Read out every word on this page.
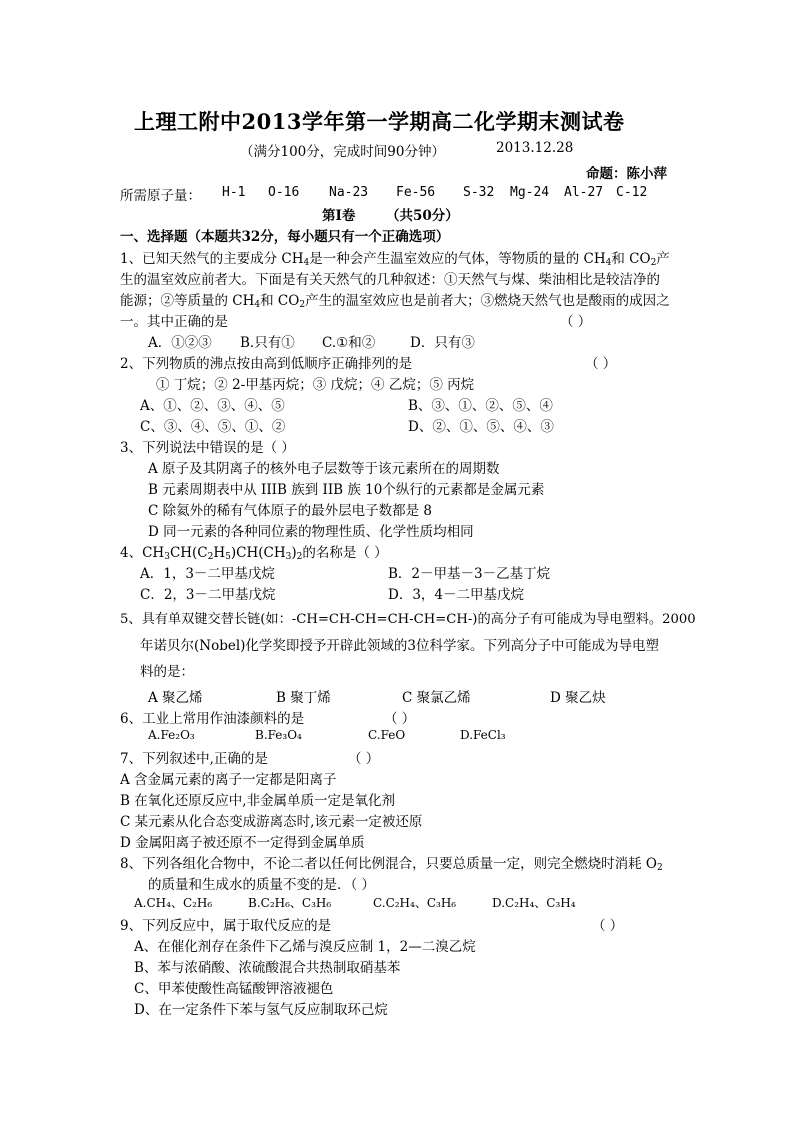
上理工附中2013学年第一学期高二化学期末测试卷
（满分100分，完成时间90分钟）	2013.12.28
命题：陈小萍
所需原子量： H-1 O-16 Na-23 Fe-56 S-32 Mg-24 Al-27 C-12
第Ⅰ卷 （共50分）
一、选择题（本题共32分，每小题只有一个正确选项）
1、已知天然气的主要成分 $CH_4$是一种会产生温室效应的气体，等物质的量的 $CH_4$和 $CO_2$产
生的温室效应前者大。下面是有关天然气的几种叙述：①天然气与煤、柴油相比是较洁净的
能源；②等质量的 $CH_4$和 $CO_2$产生的温室效应也是前者大；③燃烧天然气也是酸雨的成因之
一。其中正确的是	（ ）
A．①②③ B.只有① C.①和②	D．只有③
2、下列物质的沸点按由高到低顺序正确排列的是	（ ）
① 丁烷；② 2-甲基丙烷；③ 戊烷；④ 乙烷；⑤ 丙烷
A、①、②、③、④、⑤	B、③、①、②、⑤、④
C、③、④、⑤、①、②	D、②、①、⑤、④、③
3、下列说法中错误的是（ ）
A 原子及其阴离子的核外电子层数等于该元素所在的周期数
B 元素周期表中从 IIIB 族到 IIB 族 10个纵行的元素都是金属元素
C 除氦外的稀有气体原子的最外层电子数都是 8
D 同一元素的各种同位素的物理性质、化学性质均相同
4、$CH_3CH(C_2H_5)CH(CH_3)_2$的名称是（ ）
A．1，3－二甲基戊烷	B．2－甲基－3－乙基丁烷
C．2，3－二甲基戊烷	D．3，4－二甲基戊烷
5、具有单双键交替长链(如：-CH=CH-CH=CH-CH=CH-)的高分子有可能成为导电塑料。2000
年诺贝尔(Nobel)化学奖即授予开辟此领域的3位科学家。下列高分子中可能成为导电塑
料的是：
A 聚乙烯	B 聚丁烯	C 聚氯乙烯	D 聚乙炔
6、工业上常用作油漆颜料的是	（ ）
A.Fe₂O₃	B.Fe₃O₄	C.FeO	D.FeCl₃
7、下列叙述中,正确的是	（ ）
A 含金属元素的离子一定都是阳离子
B 在氧化还原反应中,非金属单质一定是氧化剂
C 某元素从化合态变成游离态时,该元素一定被还原
D 金属阳离子被还原不一定得到金属单质
8、下列各组化合物中，不论二者以任何比例混合，只要总质量一定，则完全燃烧时消耗 $O_2$
的质量和生成水的质量不变的是．（ ）
A.CH₄、C₂H₆	B.C₂H₆、C₃H₆	C.C₂H₄、C₃H₆	D.C₂H₄、C₃H₄
9、下列反应中，属于取代反应的是	（ ）
A、在催化剂存在条件下乙烯与溴反应制 1，2—二溴乙烷
B、苯与浓硝酸、浓硫酸混合共热制取硝基苯
C、甲苯使酸性高锰酸钾溶液褪色
D、在一定条件下苯与氢气反应制取环己烷
